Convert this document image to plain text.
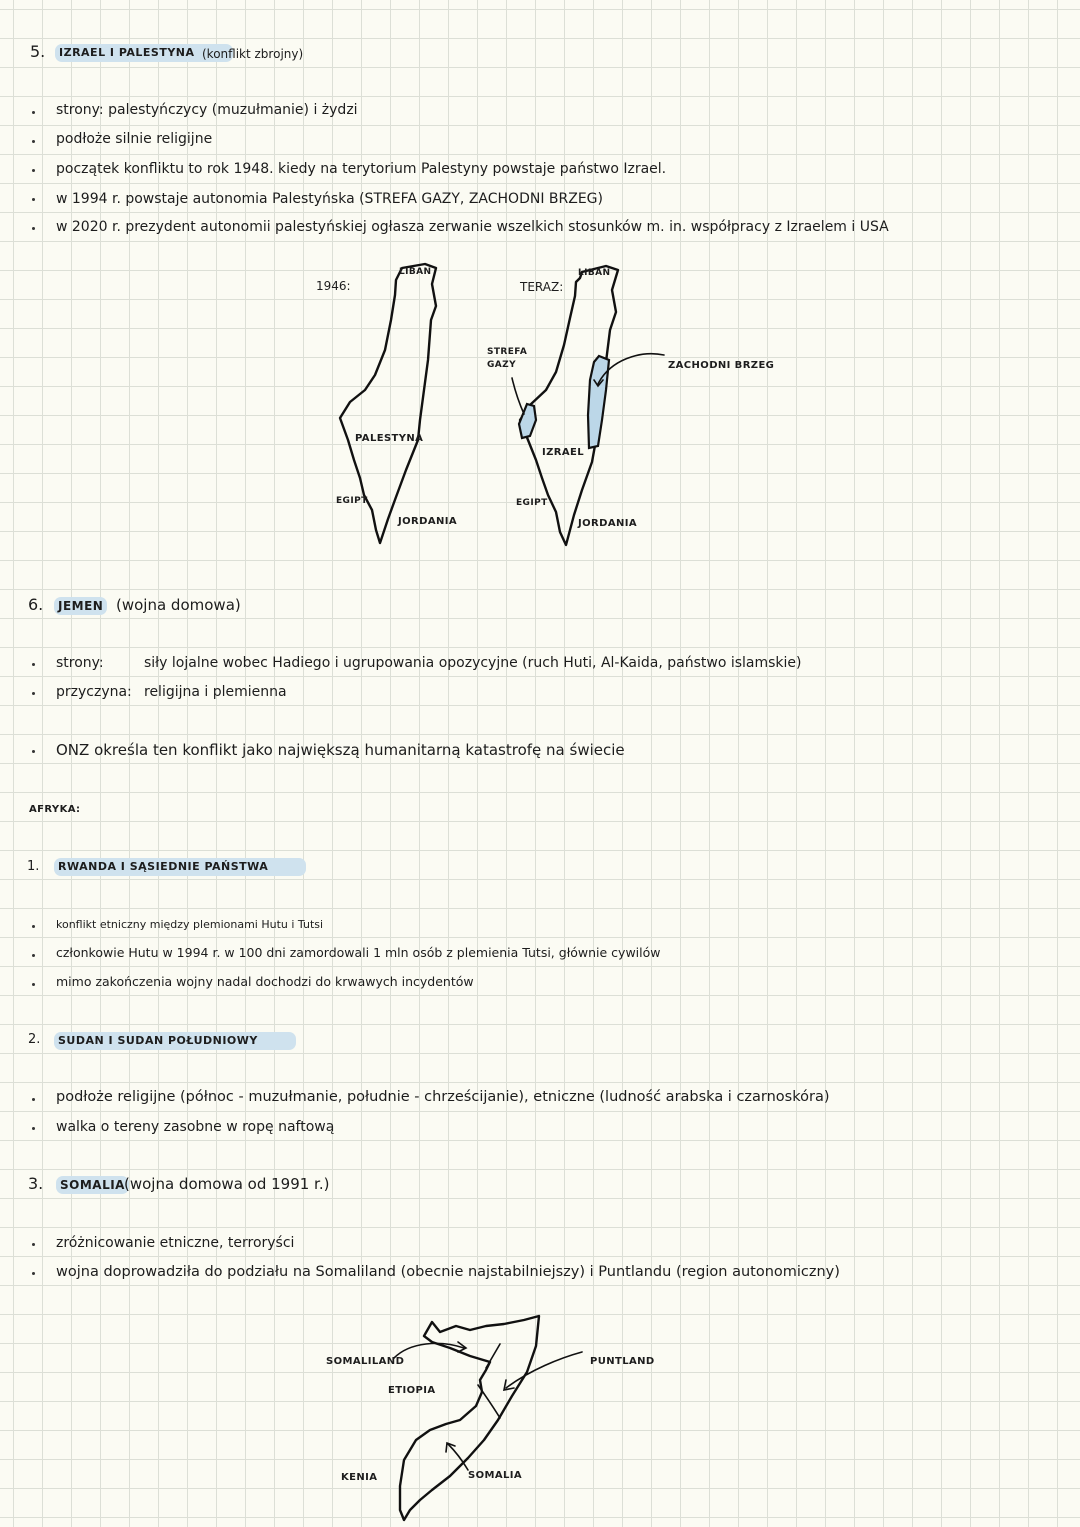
5.	IZRAEL I PALESTYNA (konflikt zbrojny)
strony: palestyńczycy (muzułmanie) i żydzi
podłoże silnie religijne
początek konfliktu to rok 1948. kiedy na terytorium Palestyny powstaje państwo Izrael.
w 1994 r. powstaje autonomia Palestyńska (STREFA GAZY, ZACHODNI BRZEG)
w 2020 r. prezydent autonomii palestyńskiej ogłasza zerwanie wszelkich stosunków m. in. współpracy z Izraelem i USA
1946:
LIBAN
PALESTYNA
EGIPT
JORDANIA
TERAZ:
LIBAN
STREFA
GAZY	ZACHODNI BRZEG
IZRAEL
EGIPT
JORDANIA
6.	JEMEN (wojna domowa)
strony:	siły lojalne wobec Hadiego i ugrupowania opozycyjne (ruch Huti, Al-Kaida, państwo islamskie)
przyczyna: religijna i plemienna
ONZ określa ten konflikt jako największą humanitarną katastrofę na świecie
AFRYKA:
1.	RWANDA I SĄSIEDNIE PAŃSTWA
konflikt etniczny między plemionami Hutu i Tutsi
członkowie Hutu w 1994 r. w 100 dni zamordowali 1 mln osób z plemienia Tutsi, głównie cywilów
mimo zakończenia wojny nadal dochodzi do krwawych incydentów
2.	SUDAN I SUDAN POŁUDNIOWY
podłoże religijne (północ - muzułmanie, południe - chrześcijanie), etniczne (ludność arabska i czarnoskóra)
walka o tereny zasobne w ropę naftową
3.	SOMALIA (wojna domowa od 1991 r.)
zróżnicowanie etniczne, terroryści
wojna doprowadziła do podziału na Somaliland (obecnie najstabilniejszy) i Puntlandu (region autonomiczny)
SOMALILAND	PUNTLAND
ETIOPIA
KENIA	SOMALIA
